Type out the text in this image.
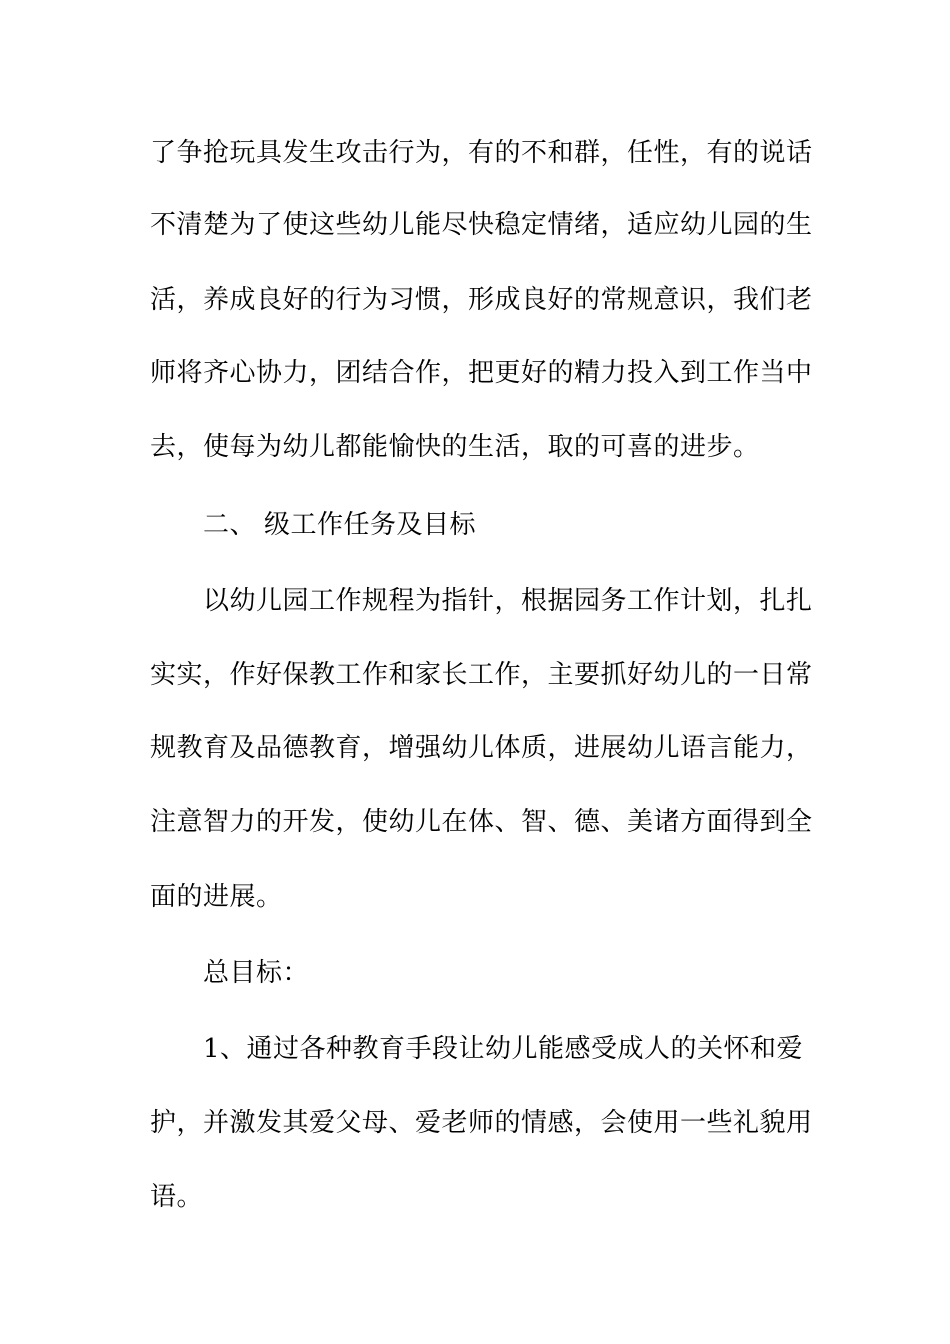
了争抢玩具发生攻击行为，有的不和群，任性，有的说话
不清楚为了使这些幼儿能尽快稳定情绪，适应幼儿园的生
活，养成良好的行为习惯，形成良好的常规意识，我们老
师将齐心协力，团结合作，把更好的精力投入到工作当中
去，使每为幼儿都能愉快的生活，取的可喜的进步。
二、 级工作任务及目标
以幼儿园工作规程为指针，根据园务工作计划，扎扎
实实，作好保教工作和家长工作，主要抓好幼儿的一日常
规教育及品德教育，增强幼儿体质，进展幼儿语言能力，
注意智力的开发，使幼儿在体、智、德、美诸方面得到全
面的进展。
总目标：
1、通过各种教育手段让幼儿能感受成人的关怀和爱
护，并激发其爱父母、爱老师的情感，会使用一些礼貌用
语。
